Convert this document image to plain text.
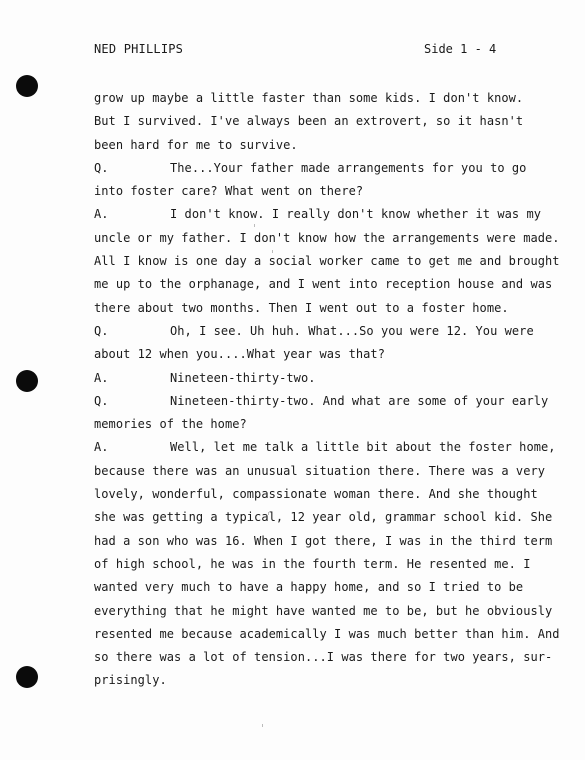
NED PHILLIPS	Side 1 - 4
grow up maybe a little faster than some kids. I don't know.
But I survived. I've always been an extrovert, so it hasn't
been hard for me to survive.
Q.	The...Your father made arrangements for you to go
into foster care? What went on there?
A.	I don't know. I really don't know whether it was my
uncle or my father. I don't know how the arrangements were made.
All I know is one day a social worker came to get me and brought
me up to the orphanage, and I went into reception house and was
there about two months. Then I went out to a foster home.
Q.	Oh, I see. Uh huh. What...So you were 12. You were
about 12 when you....What year was that?
A.	Nineteen-thirty-two.
Q.	Nineteen-thirty-two. And what are some of your early
memories of the home?
A.	Well, let me talk a little bit about the foster home,
because there was an unusual situation there. There was a very
lovely, wonderful, compassionate woman there. And she thought
she was getting a typical, 12 year old, grammar school kid. She
had a son who was 16. When I got there, I was in the third term
of high school, he was in the fourth term. He resented me. I
wanted very much to have a happy home, and so I tried to be
everything that he might have wanted me to be, but he obviously
resented me because academically I was much better than him. And
so there was a lot of tension...I was there for two years, sur-
prisingly.
